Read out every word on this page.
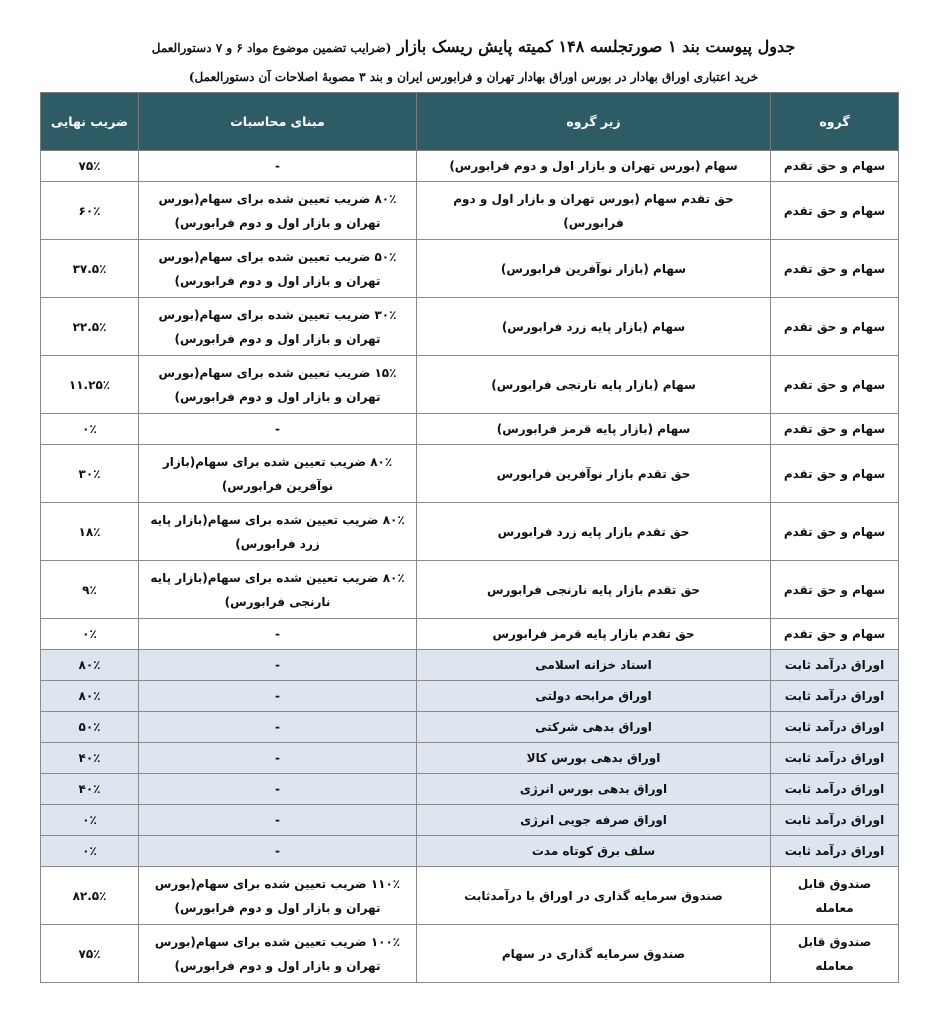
جدول پیوست بند ۱ صورتجلسه ۱۴۸ کمیته پایش ریسک بازار (ضرایب تضمین موضوع مواد ۶ و ۷ دستورالعمل
خرید اعتباری اوراق بهادار در بورس اوراق بهادار تهران و فرابورس ایران و بند ۳ مصوبهٔ اصلاحات آن دستورالعمل)
گروه	زیر گروه	مبنای محاسبات	ضریب نهایی
سهام و حق تقدم	سهام (بورس تهران و بازار اول و دوم فرابورس)	-	۷۵٪
سهام و حق تقدم	حق تقدم سهام (بورس تهران و بازار اول و دوم فرابورس)	۸۰٪ ضریب تعیین شده برای سهام(بورس تهران و بازار اول و دوم فرابورس)	۶۰٪
سهام و حق تقدم	سهام (بازار نوآفرین فرابورس)	۵۰٪ ضریب تعیین شده برای سهام(بورس تهران و بازار اول و دوم فرابورس)	۳۷.۵٪
سهام و حق تقدم	سهام (بازار پایه زرد فرابورس)	۳۰٪ ضریب تعیین شده برای سهام(بورس تهران و بازار اول و دوم فرابورس)	۲۲.۵٪
سهام و حق تقدم	سهام (بازار پایه نارنجی فرابورس)	۱۵٪ ضریب تعیین شده برای سهام(بورس تهران و بازار اول و دوم فرابورس)	۱۱.۲۵٪
سهام و حق تقدم	سهام (بازار پایه قرمز فرابورس)	-	۰٪
سهام و حق تقدم	حق تقدم بازار نوآفرین فرابورس	۸۰٪ ضریب تعیین شده برای سهام(بازار نوآفرین فرابورس)	۳۰٪
سهام و حق تقدم	حق تقدم بازار پایه زرد فرابورس	۸۰٪ ضریب تعیین شده برای سهام(بازار پایه زرد فرابورس)	۱۸٪
سهام و حق تقدم	حق تقدم بازار پایه نارنجی فرابورس	۸۰٪ ضریب تعیین شده برای سهام(بازار پایه نارنجی فرابورس)	۹٪
سهام و حق تقدم	حق تقدم بازار پایه قرمز فرابورس	-	۰٪
اوراق درآمد ثابت	اسناد خزانه اسلامی	-	۸۰٪
اوراق درآمد ثابت	اوراق مرابحه دولتی	-	۸۰٪
اوراق درآمد ثابت	اوراق بدهی شرکتی	-	۵۰٪
اوراق درآمد ثابت	اوراق بدهی بورس کالا	-	۴۰٪
اوراق درآمد ثابت	اوراق بدهی بورس انرژی	-	۴۰٪
اوراق درآمد ثابت	اوراق صرفه جویی انرژی	-	۰٪
اوراق درآمد ثابت	سلف برق کوتاه مدت	-	۰٪
صندوق قابل معامله	صندوق سرمایه گذاری در اوراق با درآمدثابت	۱۱۰٪ ضریب تعیین شده برای سهام(بورس تهران و بازار اول و دوم فرابورس)	۸۲.۵٪
صندوق قابل معامله	صندوق سرمایه گذاری در سهام	۱۰۰٪ ضریب تعیین شده برای سهام(بورس تهران و بازار اول و دوم فرابورس)	۷۵٪
